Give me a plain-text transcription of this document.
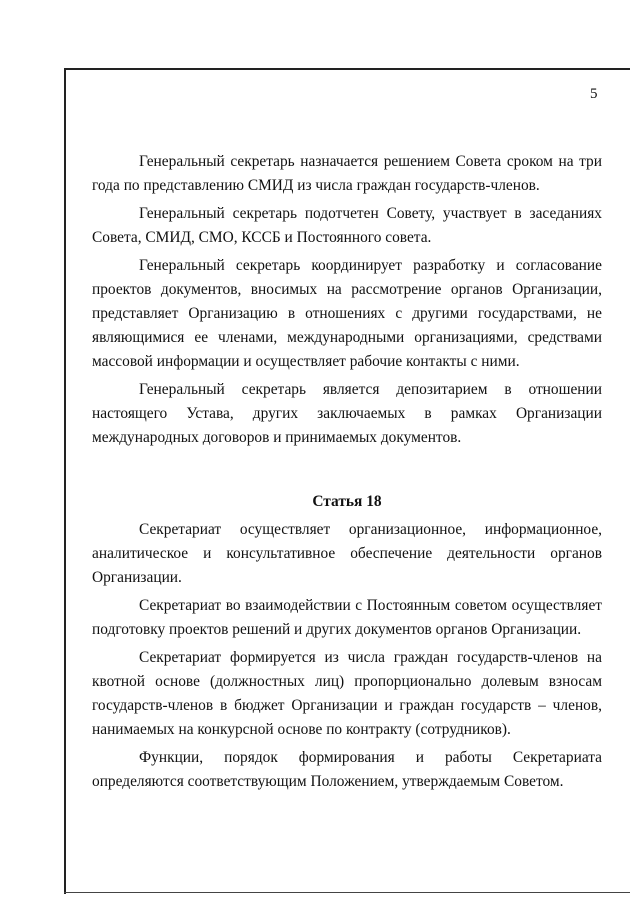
5

Генеральный секретарь назначается решением Совета сроком на три года по представлению СМИД из числа граждан государств-членов.

Генеральный секретарь подотчетен Совету, участвует в заседаниях Совета, СМИД, СМО, КССБ и Постоянного совета.

Генеральный секретарь координирует разработку и согласование проектов документов, вносимых на рассмотрение органов Организации, представляет Организацию в отношениях с другими государствами, не являющимися ее членами, международными организациями, средствами массовой информации и осуществляет рабочие контакты с ними.

Генеральный секретарь является депозитарием в отношении настоящего Устава, других заключаемых в рамках Организации международных договоров и принимаемых документов.

Статья 18

Секретариат осуществляет организационное, информационное, аналитическое и консультативное обеспечение деятельности органов Организации.

Секретариат во взаимодействии с Постоянным советом осуществляет подготовку проектов решений и других документов органов Организации.

Секретариат формируется из числа граждан государств-членов на квотной основе (должностных лиц) пропорционально долевым взносам государств-членов в бюджет Организации и граждан государств – членов, нанимаемых на конкурсной основе по контракту (сотрудников).

Функции, порядок формирования и работы Секретариата определяются соответствующим Положением, утверждаемым Советом.
